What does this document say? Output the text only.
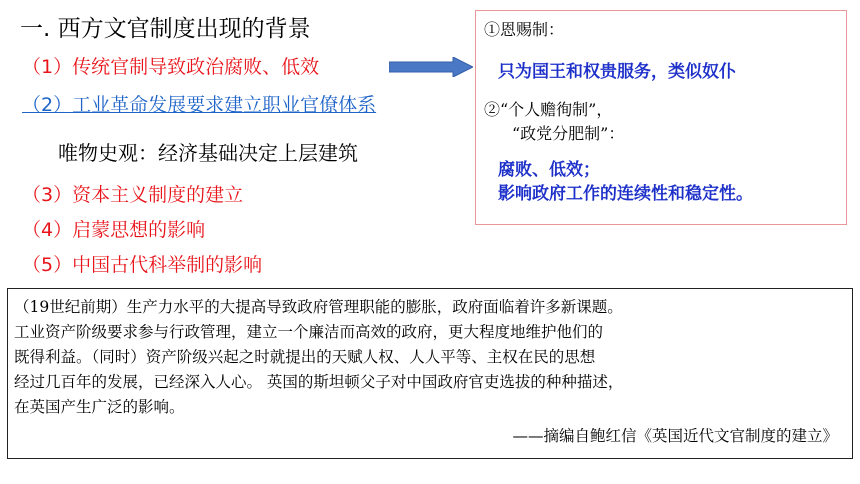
一. 西方文官制度出现的背景
（1）传统官制导致政治腐败、低效
（2）工业革命发展要求建立职业官僚体系
唯物史观：经济基础决定上层建筑
（3）资本主义制度的建立
（4）启蒙思想的影响
（5）中国古代科举制的影响
①恩赐制：
只为国王和权贵服务，类似奴仆
②“个人赡徇制”，
“政党分肥制”：
腐败、低效；
影响政府工作的连续性和稳定性。
（19世纪前期）生产力水平的大提高导致政府管理职能的膨胀，政府面临着许多新课题。
工业资产阶级要求参与行政管理，建立一个廉洁而高效的政府，更大程度地维护他们的
既得利益。（同时）资产阶级兴起之时就提出的天赋人权、人人平等、主权在民的思想
经过几百年的发展，已经深入人心。 英国的斯坦顿父子对中国政府官吏选拔的种种描述，
在英国产生广泛的影响。
——摘编自鲍红信《英国近代文官制度的建立》
